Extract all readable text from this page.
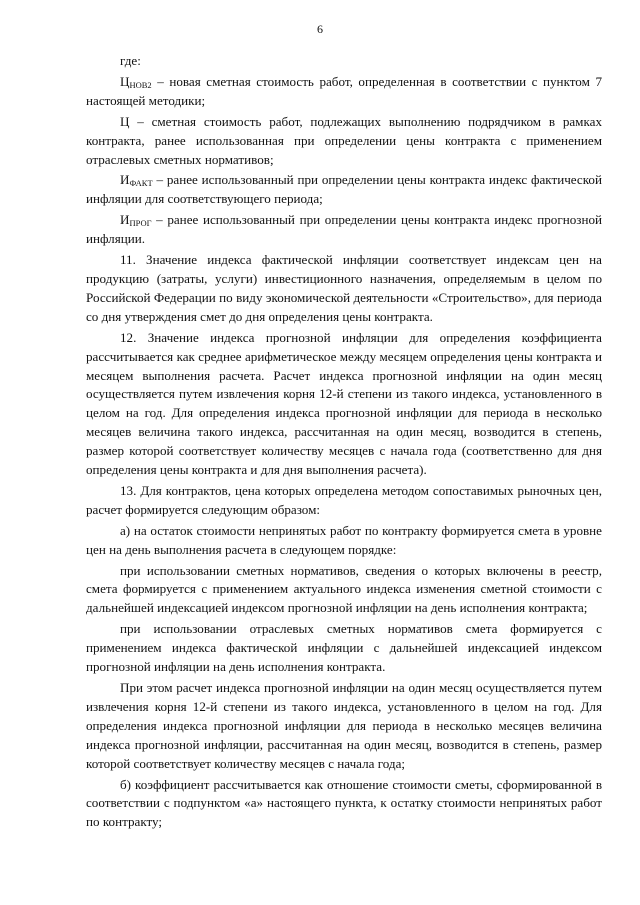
6

где:

$Ц_{НОВ2}$ – новая сметная стоимость работ, определенная в соответствии с пунктом 7 настоящей методики;

Ц – сметная стоимость работ, подлежащих выполнению подрядчиком в рамках контракта, ранее использованная при определении цены контракта с применением отраслевых сметных нормативов;

$И_{ФАКТ}$ – ранее использованный при определении цены контракта индекс фактической инфляции для соответствующего периода;

$И_{ПРОГ}$ – ранее использованный при определении цены контракта индекс прогнозной инфляции.

11. Значение индекса фактической инфляции соответствует индексам цен на продукцию (затраты, услуги) инвестиционного назначения, определяемым в целом по Российской Федерации по виду экономической деятельности «Строительство», для периода со дня утверждения смет до дня определения цены контракта.

12. Значение индекса прогнозной инфляции для определения коэффициента рассчитывается как среднее арифметическое между месяцем определения цены контракта и месяцем выполнения расчета. Расчет индекса прогнозной инфляции на один месяц осуществляется путем извлечения корня 12-й степени из такого индекса, установленного в целом на год. Для определения индекса прогнозной инфляции для периода в несколько месяцев величина такого индекса, рассчитанная на один месяц, возводится в степень, размер которой соответствует количеству месяцев с начала года (соответственно для дня определения цены контракта и для дня выполнения расчета).

13. Для контрактов, цена которых определена методом сопоставимых рыночных цен, расчет формируется следующим образом:

а) на остаток стоимости непринятых работ по контракту формируется смета в уровне цен на день выполнения расчета в следующем порядке:

при использовании сметных нормативов, сведения о которых включены в реестр, смета формируется с применением актуального индекса изменения сметной стоимости с дальнейшей индексацией индексом прогнозной инфляции на день исполнения контракта;

при использовании отраслевых сметных нормативов смета формируется с применением индекса фактической инфляции с дальнейшей индексацией индексом прогнозной инфляции на день исполнения контракта.

При этом расчет индекса прогнозной инфляции на один месяц осуществляется путем извлечения корня 12-й степени из такого индекса, установленного в целом на год. Для определения индекса прогнозной инфляции для периода в несколько месяцев величина индекса прогнозной инфляции, рассчитанная на один месяц, возводится в степень, размер которой соответствует количеству месяцев с начала года;

б) коэффициент рассчитывается как отношение стоимости сметы, сформированной в соответствии с подпунктом «а» настоящего пункта, к остатку стоимости непринятых работ по контракту;
